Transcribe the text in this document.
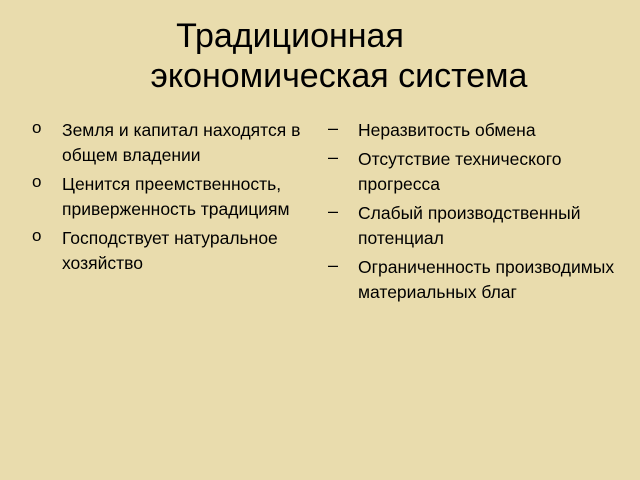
Традиционная
экономическая система
o	Земля и капитал находятся в общем владении
o	Ценится преемственность, приверженность традициям
o	Господствует натуральное хозяйство
–	Неразвитость обмена
–	Отсутствие технического прогресса
–	Слабый производственный потенциал
–	Ограниченность производимых материальных благ
